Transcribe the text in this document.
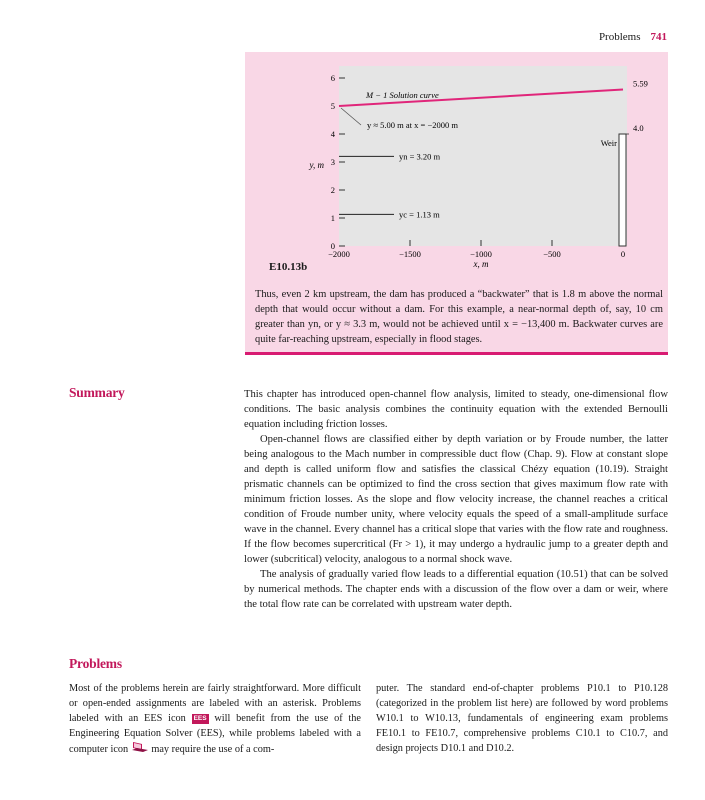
Problems 741
0
1
2
3
4
5
6
−2000	−1500	−1000	−500	0
yn = 3.20 m
yc = 1.13 m
M − 1 Solution curve
y ≈ 5.00 m at x = −2000 m
5.59
4.0
Weir
y, m
x, m
E10.13b
Thus, even 2 km upstream, the dam has produced a “backwater” that is 1.8 m above the normal depth that would occur without a dam. For this example, a near-normal depth of, say, 10 cm greater than yn, or y ≈ 3.3 m, would not be achieved until x = −13,400 m. Backwater curves are quite far-reaching upstream, especially in flood stages.
Summary	This chapter has introduced open-channel flow analysis, limited to steady, one-dimensional flow conditions. The basic analysis combines the continuity equation with the extended Bernoulli equation including friction losses.

Open-channel flows are classified either by depth variation or by Froude number, the latter being analogous to the Mach number in compressible duct flow (Chap. 9). Flow at constant slope and depth is called uniform flow and satisfies the classical Chézy equation (10.19). Straight prismatic channels can be optimized to find the cross section that gives maximum flow rate with minimum friction losses. As the slope and flow velocity increase, the channel reaches a critical condition of Froude number unity, where velocity equals the speed of a small-amplitude surface wave in the channel. Every channel has a critical slope that varies with the flow rate and roughness. If the flow becomes supercritical (Fr > 1), it may undergo a hydraulic jump to a greater depth and lower (subcritical) velocity, analogous to a normal shock wave.

The analysis of gradually varied flow leads to a differential equation (10.51) that can be solved by numerical methods. The chapter ends with a discussion of the flow over a dam or weir, where the total flow rate can be correlated with upstream water depth.

Problems
Most of the problems herein are fairly straightforward. More difficult or open-ended assignments are labeled with an asterisk. Problems labeled with an EES icon EES will benefit from the use of the Engineering Equation Solver (EES), while problems labeled with a computer icon may require the use of a com-
puter. The standard end-of-chapter problems P10.1 to P10.128 (categorized in the problem list here) are followed by word problems W10.1 to W10.13, fundamentals of engineering exam problems FE10.1 to FE10.7, comprehensive problems C10.1 to C10.7, and design projects D10.1 and D10.2.
